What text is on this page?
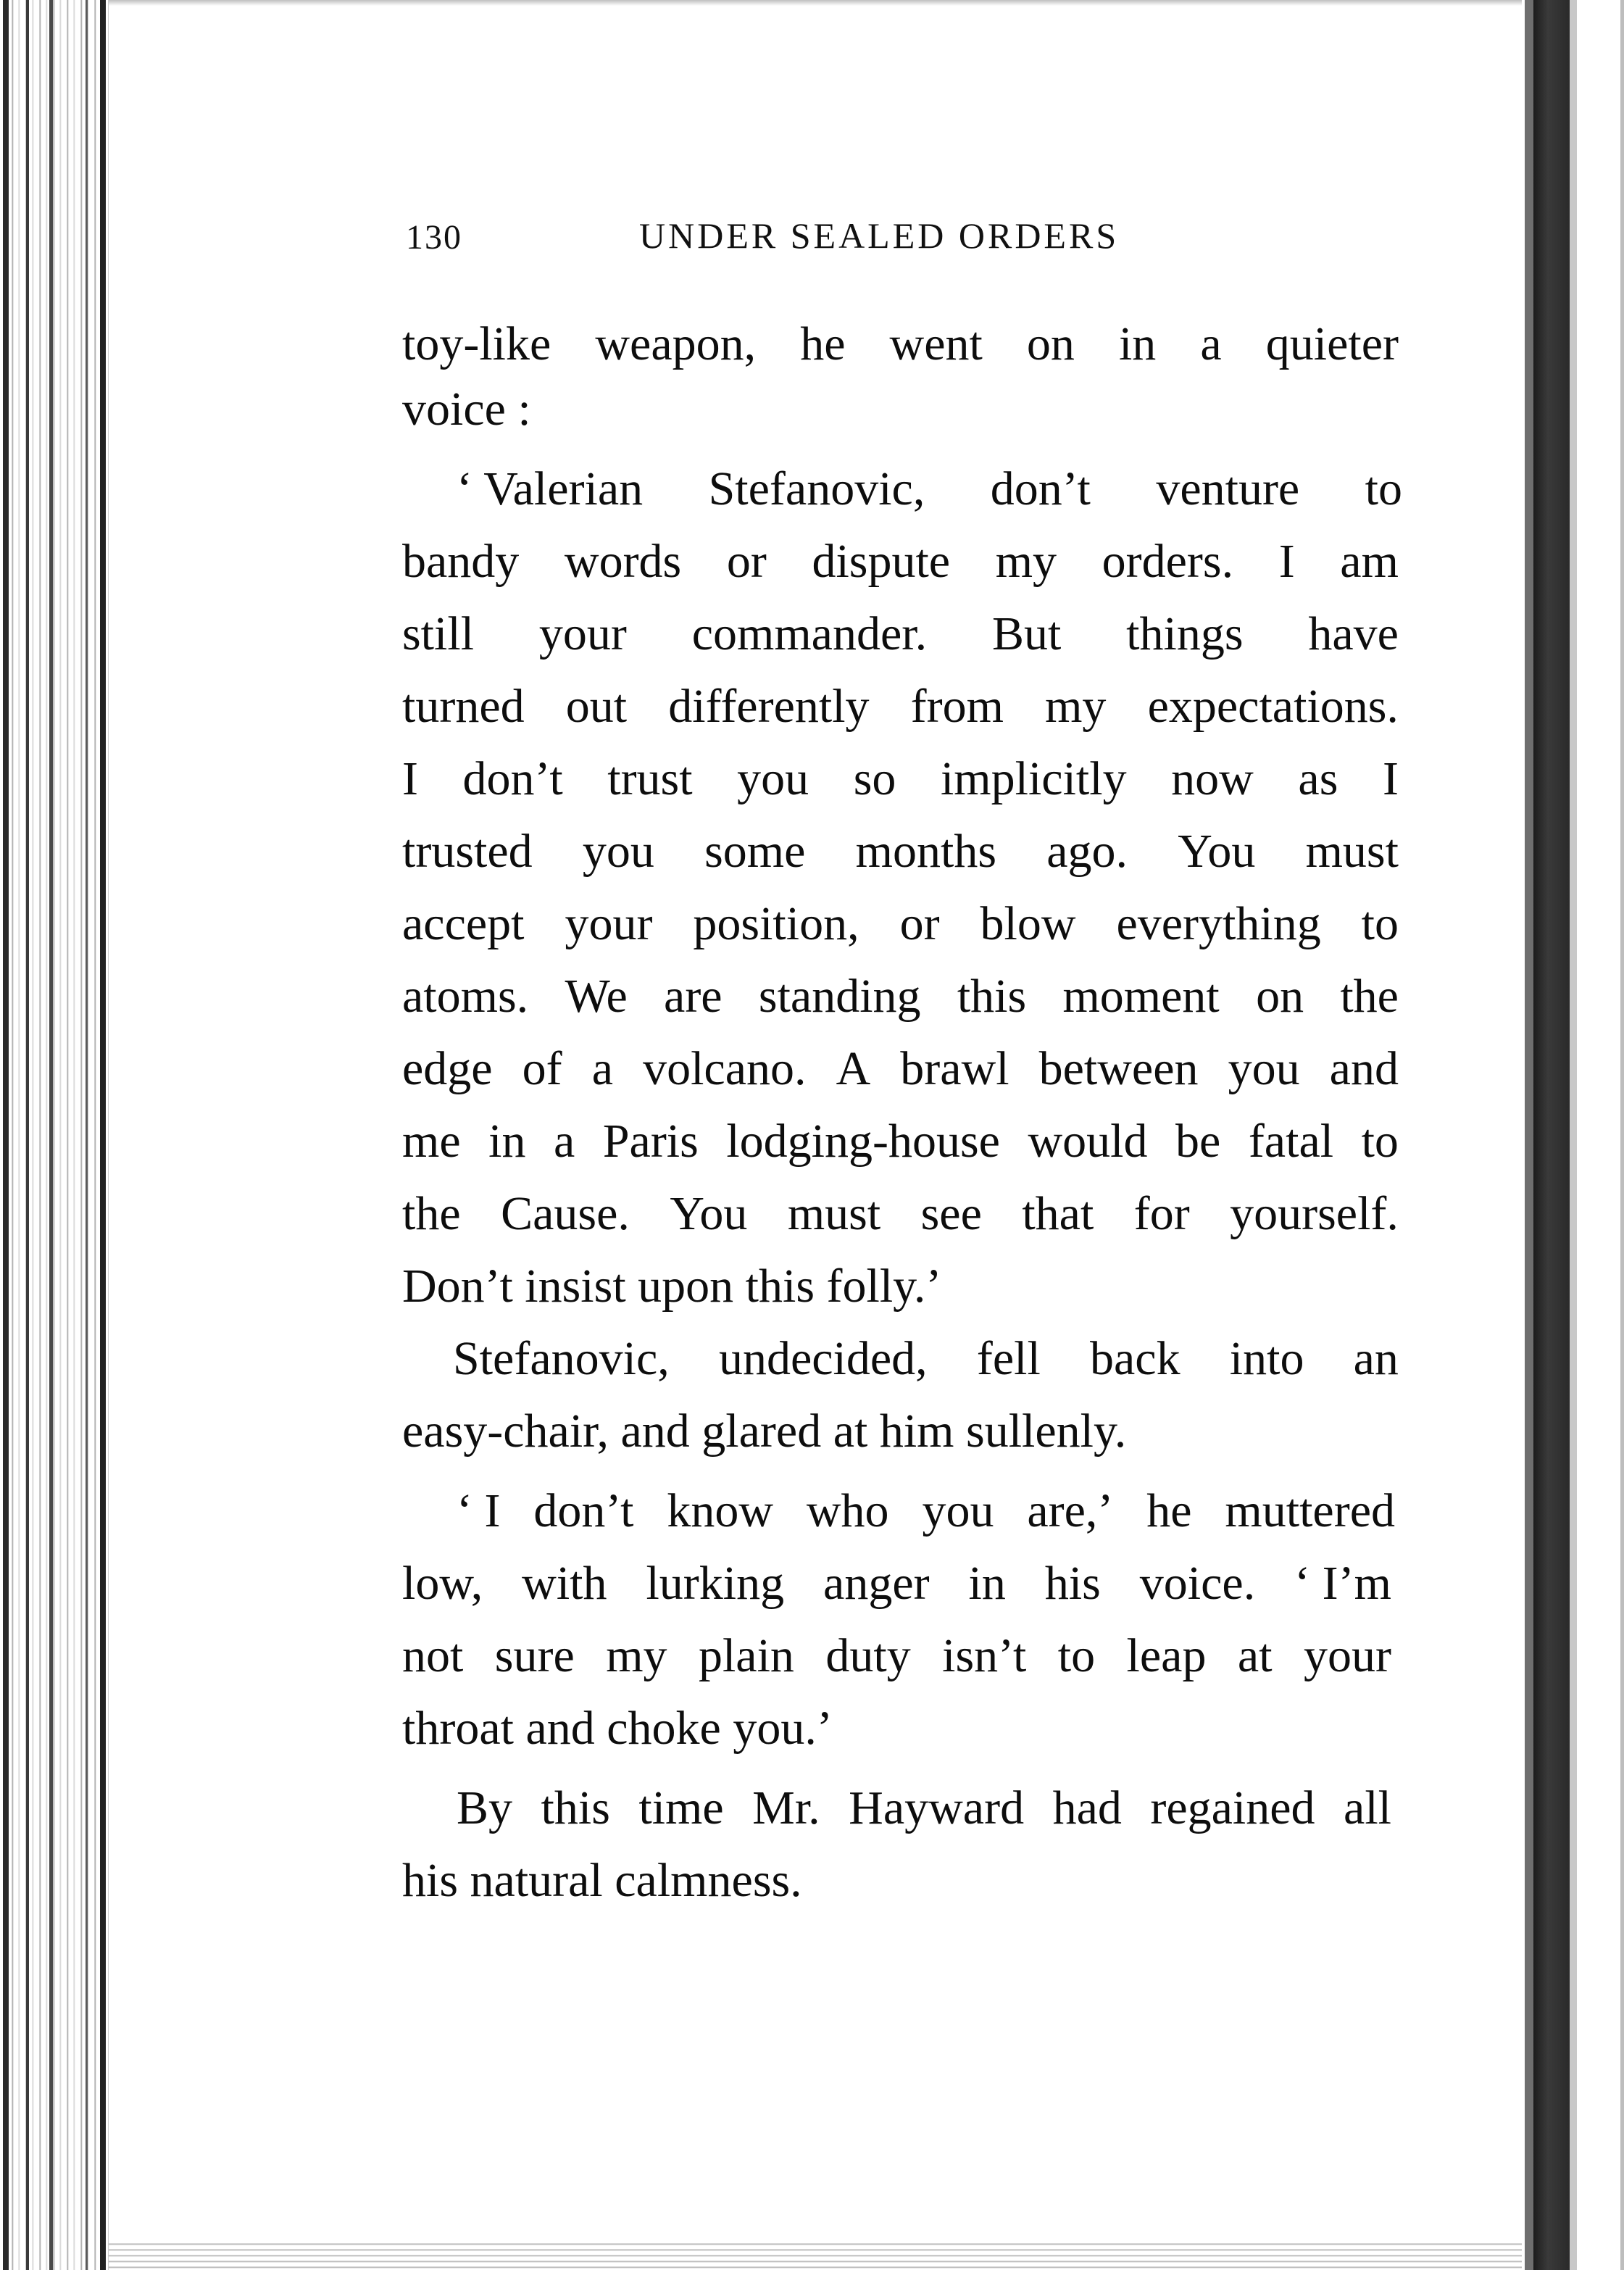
130	UNDER SEALED ORDERS
toy-like weapon, he went on in a quieter
voice :
‘ Valerian Stefanovic, don’t venture to
bandy words or dispute my orders. I am
still your commander. But things have
turned out differently from my expectations.
I don’t trust you so implicitly now as I
trusted you some months ago. You must
accept your position, or blow everything to
atoms. We are standing this moment on the
edge of a volcano. A brawl between you and
me in a Paris lodging-house would be fatal to
the Cause. You must see that for yourself.
Don’t insist upon this folly.’
Stefanovic, undecided, fell back into an
easy-chair, and glared at him sullenly.
‘ I don’t know who you are,’ he muttered
low, with lurking anger in his voice. ‘ I’m
not sure my plain duty isn’t to leap at your
throat and choke you.’
By this time Mr. Hayward had regained all
his natural calmness.
